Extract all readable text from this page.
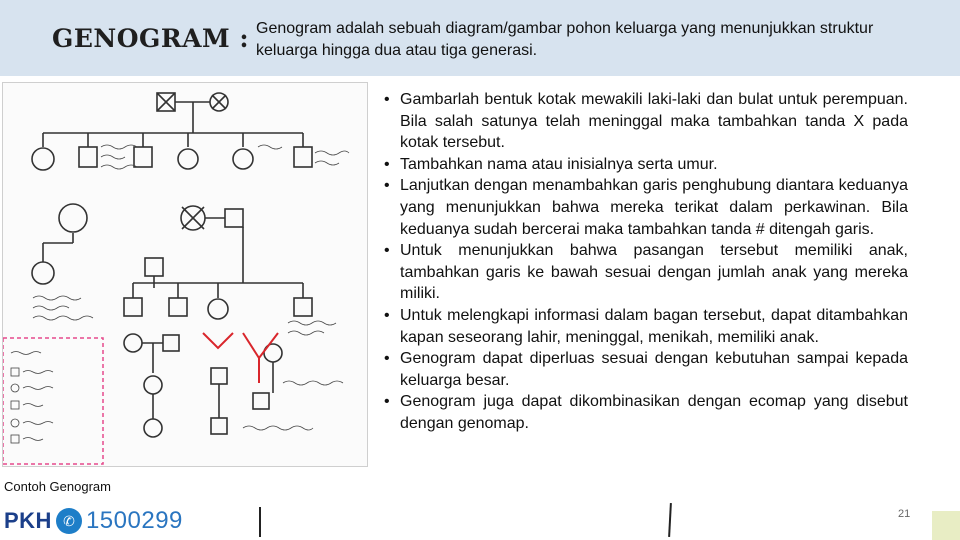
GENOGRAM : Genogram adalah sebuah diagram/gambar pohon keluarga yang menunjukkan struktur keluarga hingga dua atau tiga generasi.
Contoh Genogram
• Gambarlah bentuk kotak mewakili laki-laki dan bulat untuk perempuan. Bila salah satunya telah meninggal maka tambahkan tanda X pada kotak tersebut.
• Tambahkan nama atau inisialnya serta umur.
• Lanjutkan dengan menambahkan garis penghubung diantara keduanya yang menunjukkan bahwa mereka terikat dalam perkawinan. Bila keduanya sudah bercerai maka tambahkan tanda # ditengah garis.
• Untuk menunjukkan bahwa pasangan tersebut memiliki anak, tambahkan garis ke bawah sesuai dengan jumlah anak yang mereka miliki.
• Untuk melengkapi informasi dalam bagan tersebut, dapat ditambahkan kapan seseorang lahir, meninggal, menikah, memiliki anak.
• Genogram dapat diperluas sesuai dengan kebutuhan sampai kepada keluarga besar.
• Genogram juga dapat dikombinasikan dengan ecomap yang disebut dengan genomap.
PKH ✆ 1500299	21
